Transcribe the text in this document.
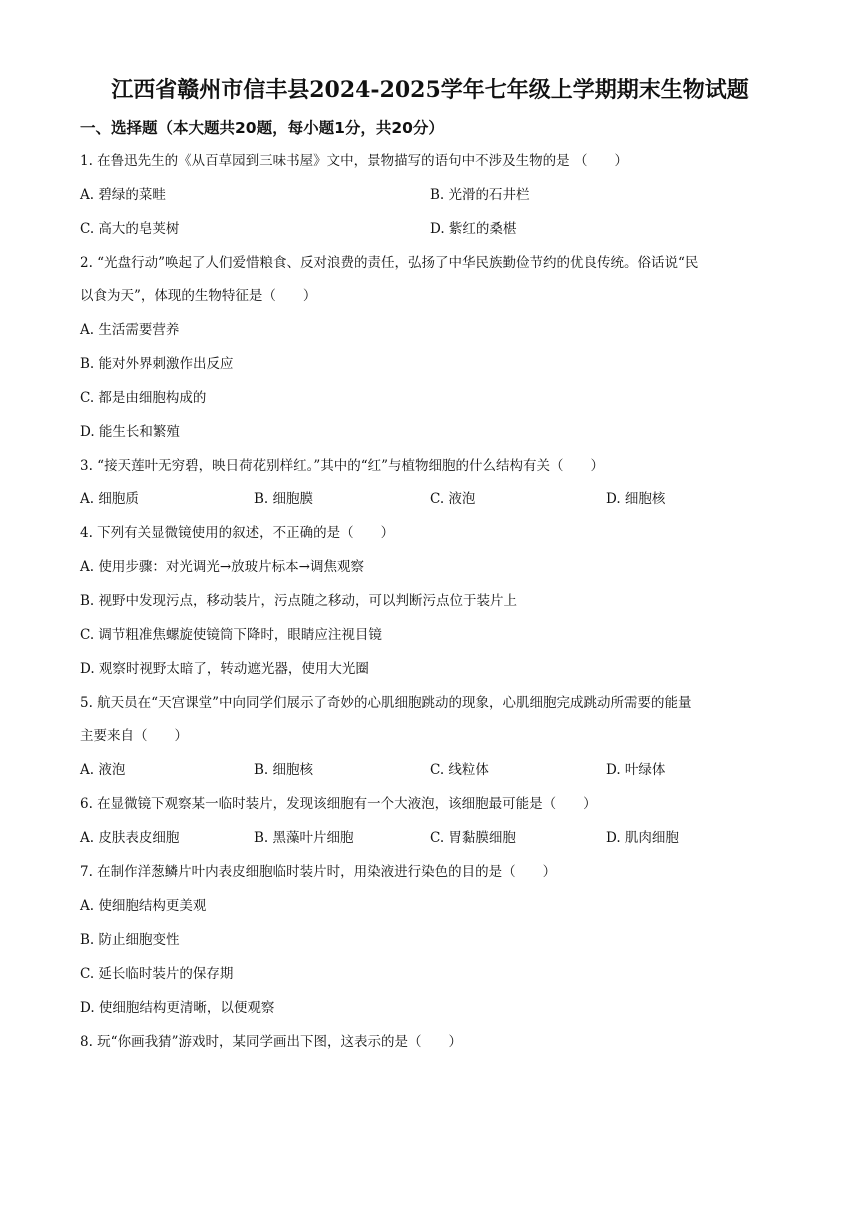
江西省赣州市信丰县2024-2025学年七年级上学期期末生物试题
一、选择题（本大题共20题，每小题1分，共20分）
1. 在鲁迅先生的《从百草园到三味书屋》文中，景物描写的语句中不涉及生物的是 （　　）
A. 碧绿的菜畦	B. 光滑的石井栏
C. 高大的皂荚树	D. 紫红的桑椹
2. “光盘行动”唤起了人们爱惜粮食、反对浪费的责任，弘扬了中华民族勤俭节约的优良传统。俗话说“民
以食为天”，体现的生物特征是（　　）
A. 生活需要营养
B. 能对外界刺激作出反应
C. 都是由细胞构成的
D. 能生长和繁殖
3. “接天莲叶无穷碧，映日荷花别样红。”其中的“红”与植物细胞的什么结构有关（　　）
A. 细胞质	B. 细胞膜	C. 液泡	D. 细胞核
4. 下列有关显微镜使用的叙述，不正确的是（　　）
A. 使用步骤：对光调光→放玻片标本→调焦观察
B. 视野中发现污点，移动装片，污点随之移动，可以判断污点位于装片上
C. 调节粗准焦螺旋使镜筒下降时，眼睛应注视目镜
D. 观察时视野太暗了，转动遮光器，使用大光圈
5. 航天员在“天宫课堂”中向同学们展示了奇妙的心肌细胞跳动的现象，心肌细胞完成跳动所需要的能量
主要来自（　　）
A. 液泡	B. 细胞核	C. 线粒体	D. 叶绿体
6. 在显微镜下观察某一临时装片，发现该细胞有一个大液泡，该细胞最可能是（　　）
A. 皮肤表皮细胞	B. 黑藻叶片细胞	C. 胃黏膜细胞	D. 肌肉细胞
7. 在制作洋葱鳞片叶内表皮细胞临时装片时，用染液进行染色的目的是（　　）
A. 使细胞结构更美观
B. 防止细胞变性
C. 延长临时装片的保存期
D. 使细胞结构更清晰，以便观察
8. 玩“你画我猜”游戏时，某同学画出下图，这表示的是（　　）
